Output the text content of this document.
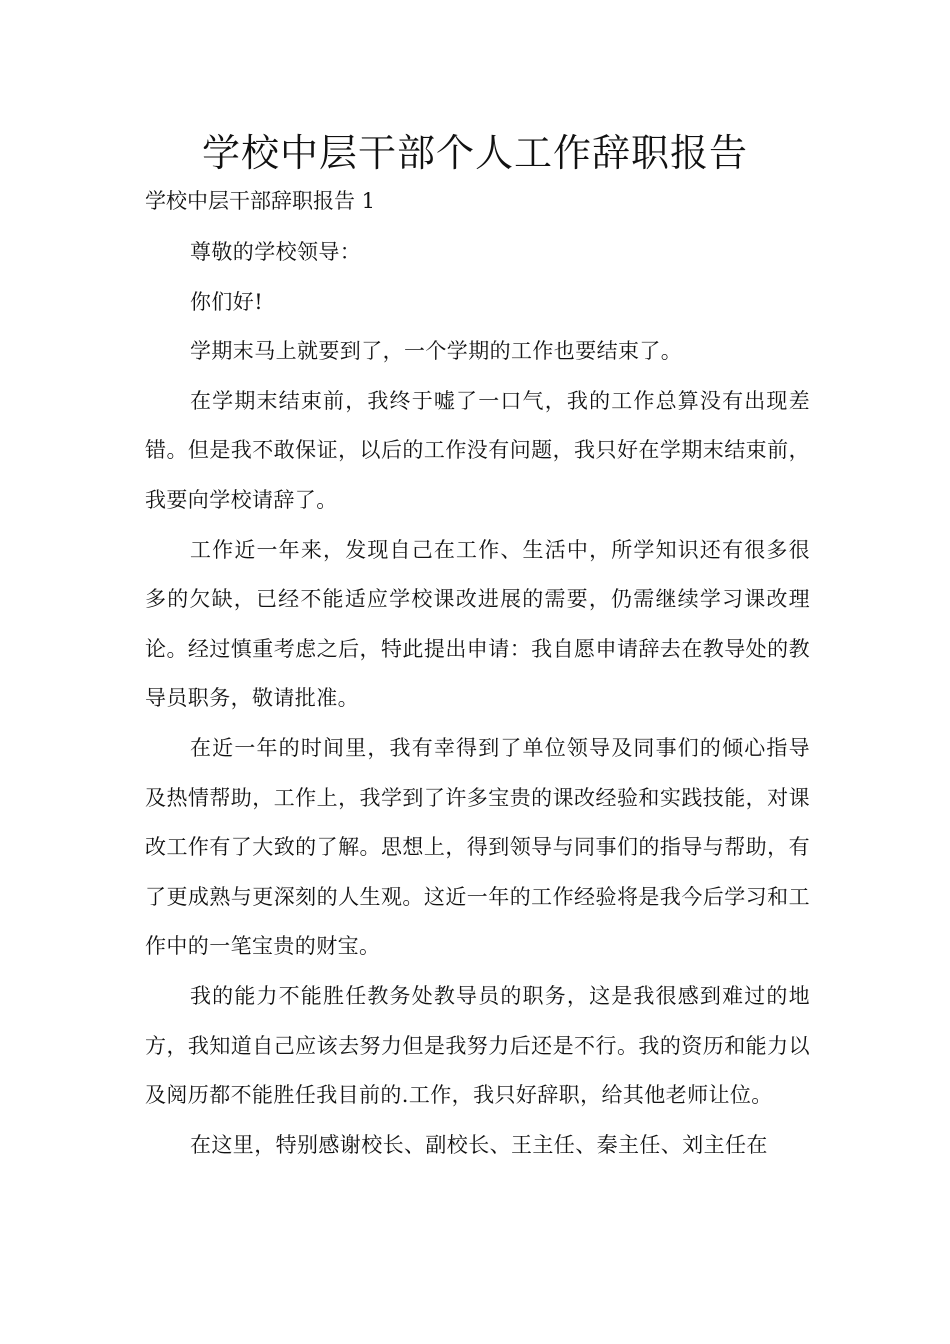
学校中层干部个人工作辞职报告

学校中层干部辞职报告 1

尊敬的学校领导：

你们好!

学期末马上就要到了，一个学期的工作也要结束了。

在学期末结束前，我终于嘘了一口气，我的工作总算没有出现差错。但是我不敢保证，以后的工作没有问题，我只好在学期末结束前，我要向学校请辞了。

工作近一年来，发现自己在工作、生活中，所学知识还有很多很多的欠缺，已经不能适应学校课改进展的需要，仍需继续学习课改理论。经过慎重考虑之后，特此提出申请：我自愿申请辞去在教导处的教导员职务，敬请批准。

在近一年的时间里，我有幸得到了单位领导及同事们的倾心指导及热情帮助，工作上，我学到了许多宝贵的课改经验和实践技能，对课改工作有了大致的了解。思想上，得到领导与同事们的指导与帮助，有了更成熟与更深刻的人生观。这近一年的工作经验将是我今后学习和工作中的一笔宝贵的财宝。

我的能力不能胜任教务处教导员的职务，这是我很感到难过的地方，我知道自己应该去努力但是我努力后还是不行。我的资历和能力以及阅历都不能胜任我目前的.工作，我只好辞职，给其他老师让位。

在这里，特别感谢校长、副校长、王主任、秦主任、刘主任在
